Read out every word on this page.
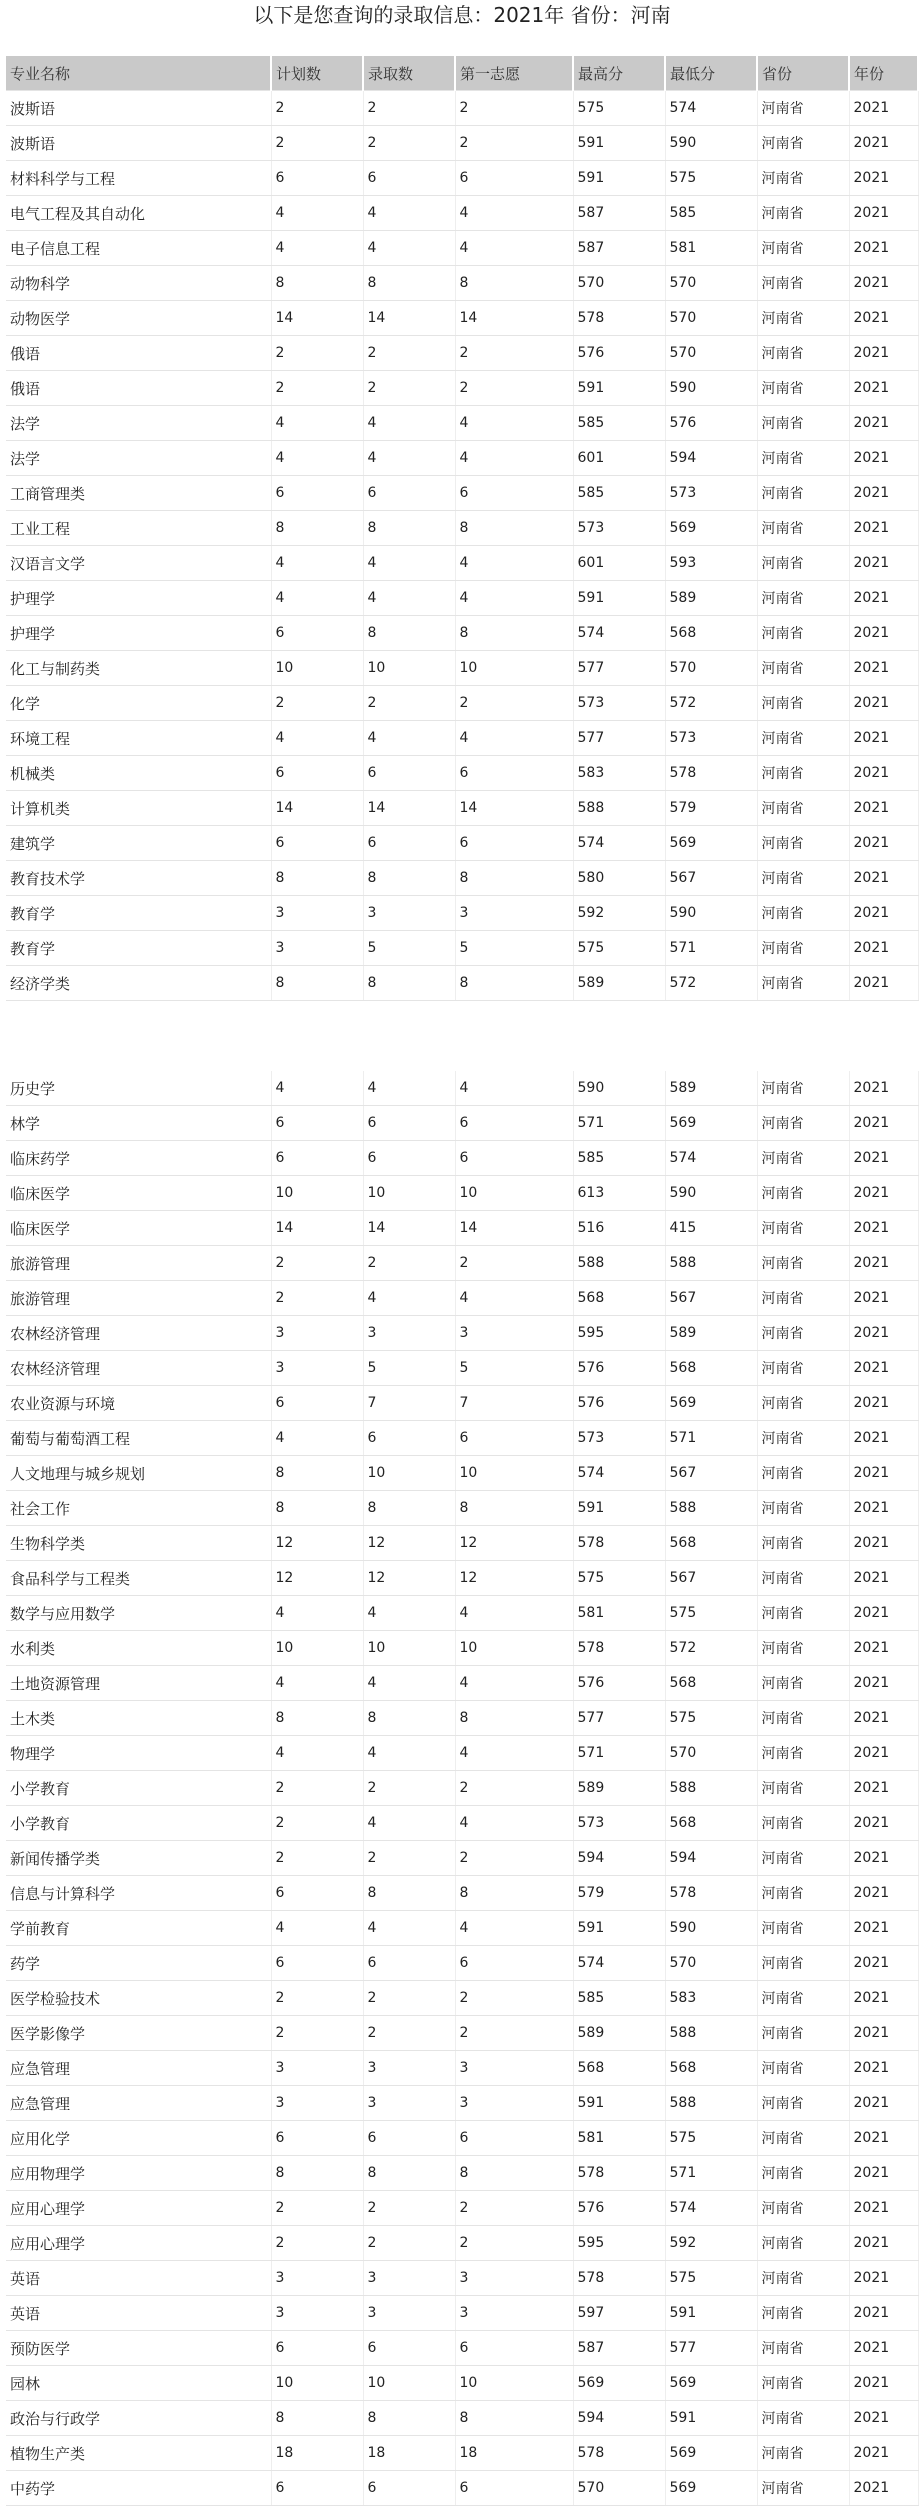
以下是您查询的录取信息：2021年 省份：河南
专业名称	计划数	录取数	第一志愿	最高分	最低分	省份	年份
波斯语	2	2	2	575	574	河南省	2021
波斯语	2	2	2	591	590	河南省	2021
材料科学与工程	6	6	6	591	575	河南省	2021
电气工程及其自动化	4	4	4	587	585	河南省	2021
电子信息工程	4	4	4	587	581	河南省	2021
动物科学	8	8	8	570	570	河南省	2021
动物医学	14	14	14	578	570	河南省	2021
俄语	2	2	2	576	570	河南省	2021
俄语	2	2	2	591	590	河南省	2021
法学	4	4	4	585	576	河南省	2021
法学	4	4	4	601	594	河南省	2021
工商管理类	6	6	6	585	573	河南省	2021
工业工程	8	8	8	573	569	河南省	2021
汉语言文学	4	4	4	601	593	河南省	2021
护理学	4	4	4	591	589	河南省	2021
护理学	6	8	8	574	568	河南省	2021
化工与制药类	10	10	10	577	570	河南省	2021
化学	2	2	2	573	572	河南省	2021
环境工程	4	4	4	577	573	河南省	2021
机械类	6	6	6	583	578	河南省	2021
计算机类	14	14	14	588	579	河南省	2021
建筑学	6	6	6	574	569	河南省	2021
教育技术学	8	8	8	580	567	河南省	2021
教育学	3	3	3	592	590	河南省	2021
教育学	3	5	5	575	571	河南省	2021
经济学类	8	8	8	589	572	河南省	2021
历史学	4	4	4	590	589	河南省	2021
林学	6	6	6	571	569	河南省	2021
临床药学	6	6	6	585	574	河南省	2021
临床医学	10	10	10	613	590	河南省	2021
临床医学	14	14	14	516	415	河南省	2021
旅游管理	2	2	2	588	588	河南省	2021
旅游管理	2	4	4	568	567	河南省	2021
农林经济管理	3	3	3	595	589	河南省	2021
农林经济管理	3	5	5	576	568	河南省	2021
农业资源与环境	6	7	7	576	569	河南省	2021
葡萄与葡萄酒工程	4	6	6	573	571	河南省	2021
人文地理与城乡规划	8	10	10	574	567	河南省	2021
社会工作	8	8	8	591	588	河南省	2021
生物科学类	12	12	12	578	568	河南省	2021
食品科学与工程类	12	12	12	575	567	河南省	2021
数学与应用数学	4	4	4	581	575	河南省	2021
水利类	10	10	10	578	572	河南省	2021
土地资源管理	4	4	4	576	568	河南省	2021
土木类	8	8	8	577	575	河南省	2021
物理学	4	4	4	571	570	河南省	2021
小学教育	2	2	2	589	588	河南省	2021
小学教育	2	4	4	573	568	河南省	2021
新闻传播学类	2	2	2	594	594	河南省	2021
信息与计算科学	6	8	8	579	578	河南省	2021
学前教育	4	4	4	591	590	河南省	2021
药学	6	6	6	574	570	河南省	2021
医学检验技术	2	2	2	585	583	河南省	2021
医学影像学	2	2	2	589	588	河南省	2021
应急管理	3	3	3	568	568	河南省	2021
应急管理	3	3	3	591	588	河南省	2021
应用化学	6	6	6	581	575	河南省	2021
应用物理学	8	8	8	578	571	河南省	2021
应用心理学	2	2	2	576	574	河南省	2021
应用心理学	2	2	2	595	592	河南省	2021
英语	3	3	3	578	575	河南省	2021
英语	3	3	3	597	591	河南省	2021
预防医学	6	6	6	587	577	河南省	2021
园林	10	10	10	569	569	河南省	2021
政治与行政学	8	8	8	594	591	河南省	2021
植物生产类	18	18	18	578	569	河南省	2021
中药学	6	6	6	570	569	河南省	2021
